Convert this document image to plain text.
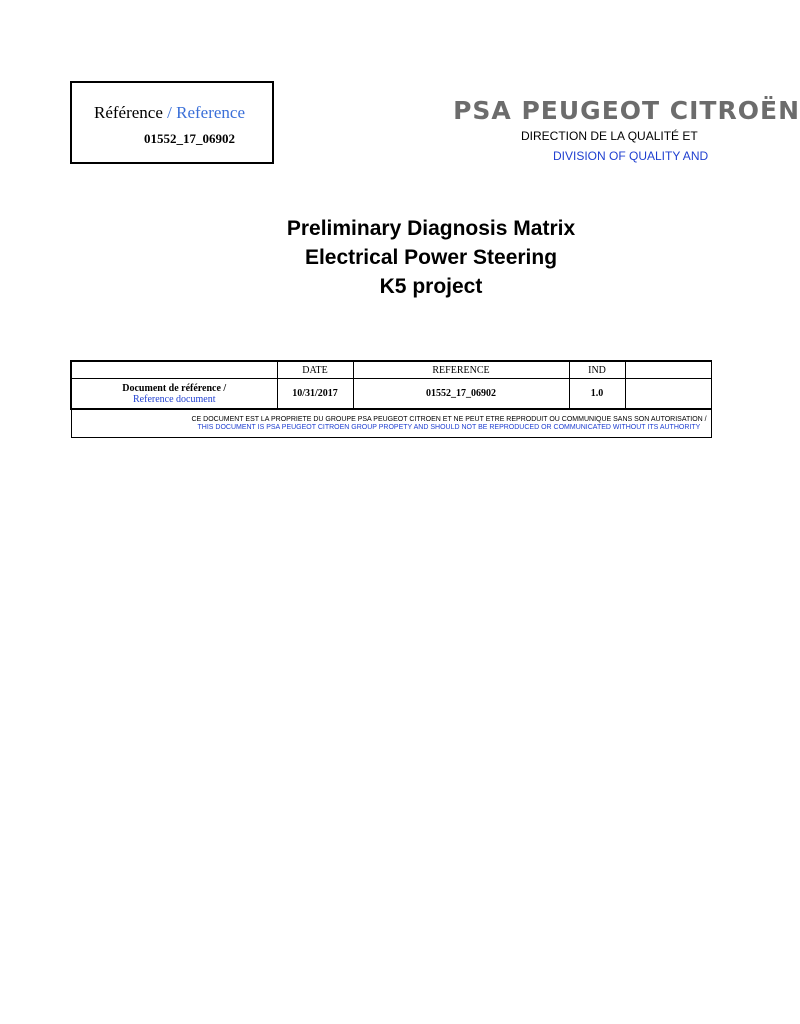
Référence / Reference
01552_17_06902
PSA PEUGEOT CITROËN
DIRECTION DE LA QUALITÉ ET
DIVISION OF QUALITY AND
Preliminary Diagnosis Matrix
Electrical Power Steering
K5 project
	DATE	REFERENCE	IND	

Document de référence /
Reference document	10/31/2017	01552_17_06902	1.0	

CE DOCUMENT EST LA PROPRIETE DU GROUPE PSA PEUGEOT CITROEN ET NE PEUT ETRE REPRODUIT OU COMMUNIQUE SANS SON AUTORISATION /
THIS DOCUMENT IS PSA PEUGEOT CITROEN GROUP PROPETY AND SHOULD NOT BE REPRODUCED OR COMMUNICATED WITHOUT ITS AUTHORITY				
